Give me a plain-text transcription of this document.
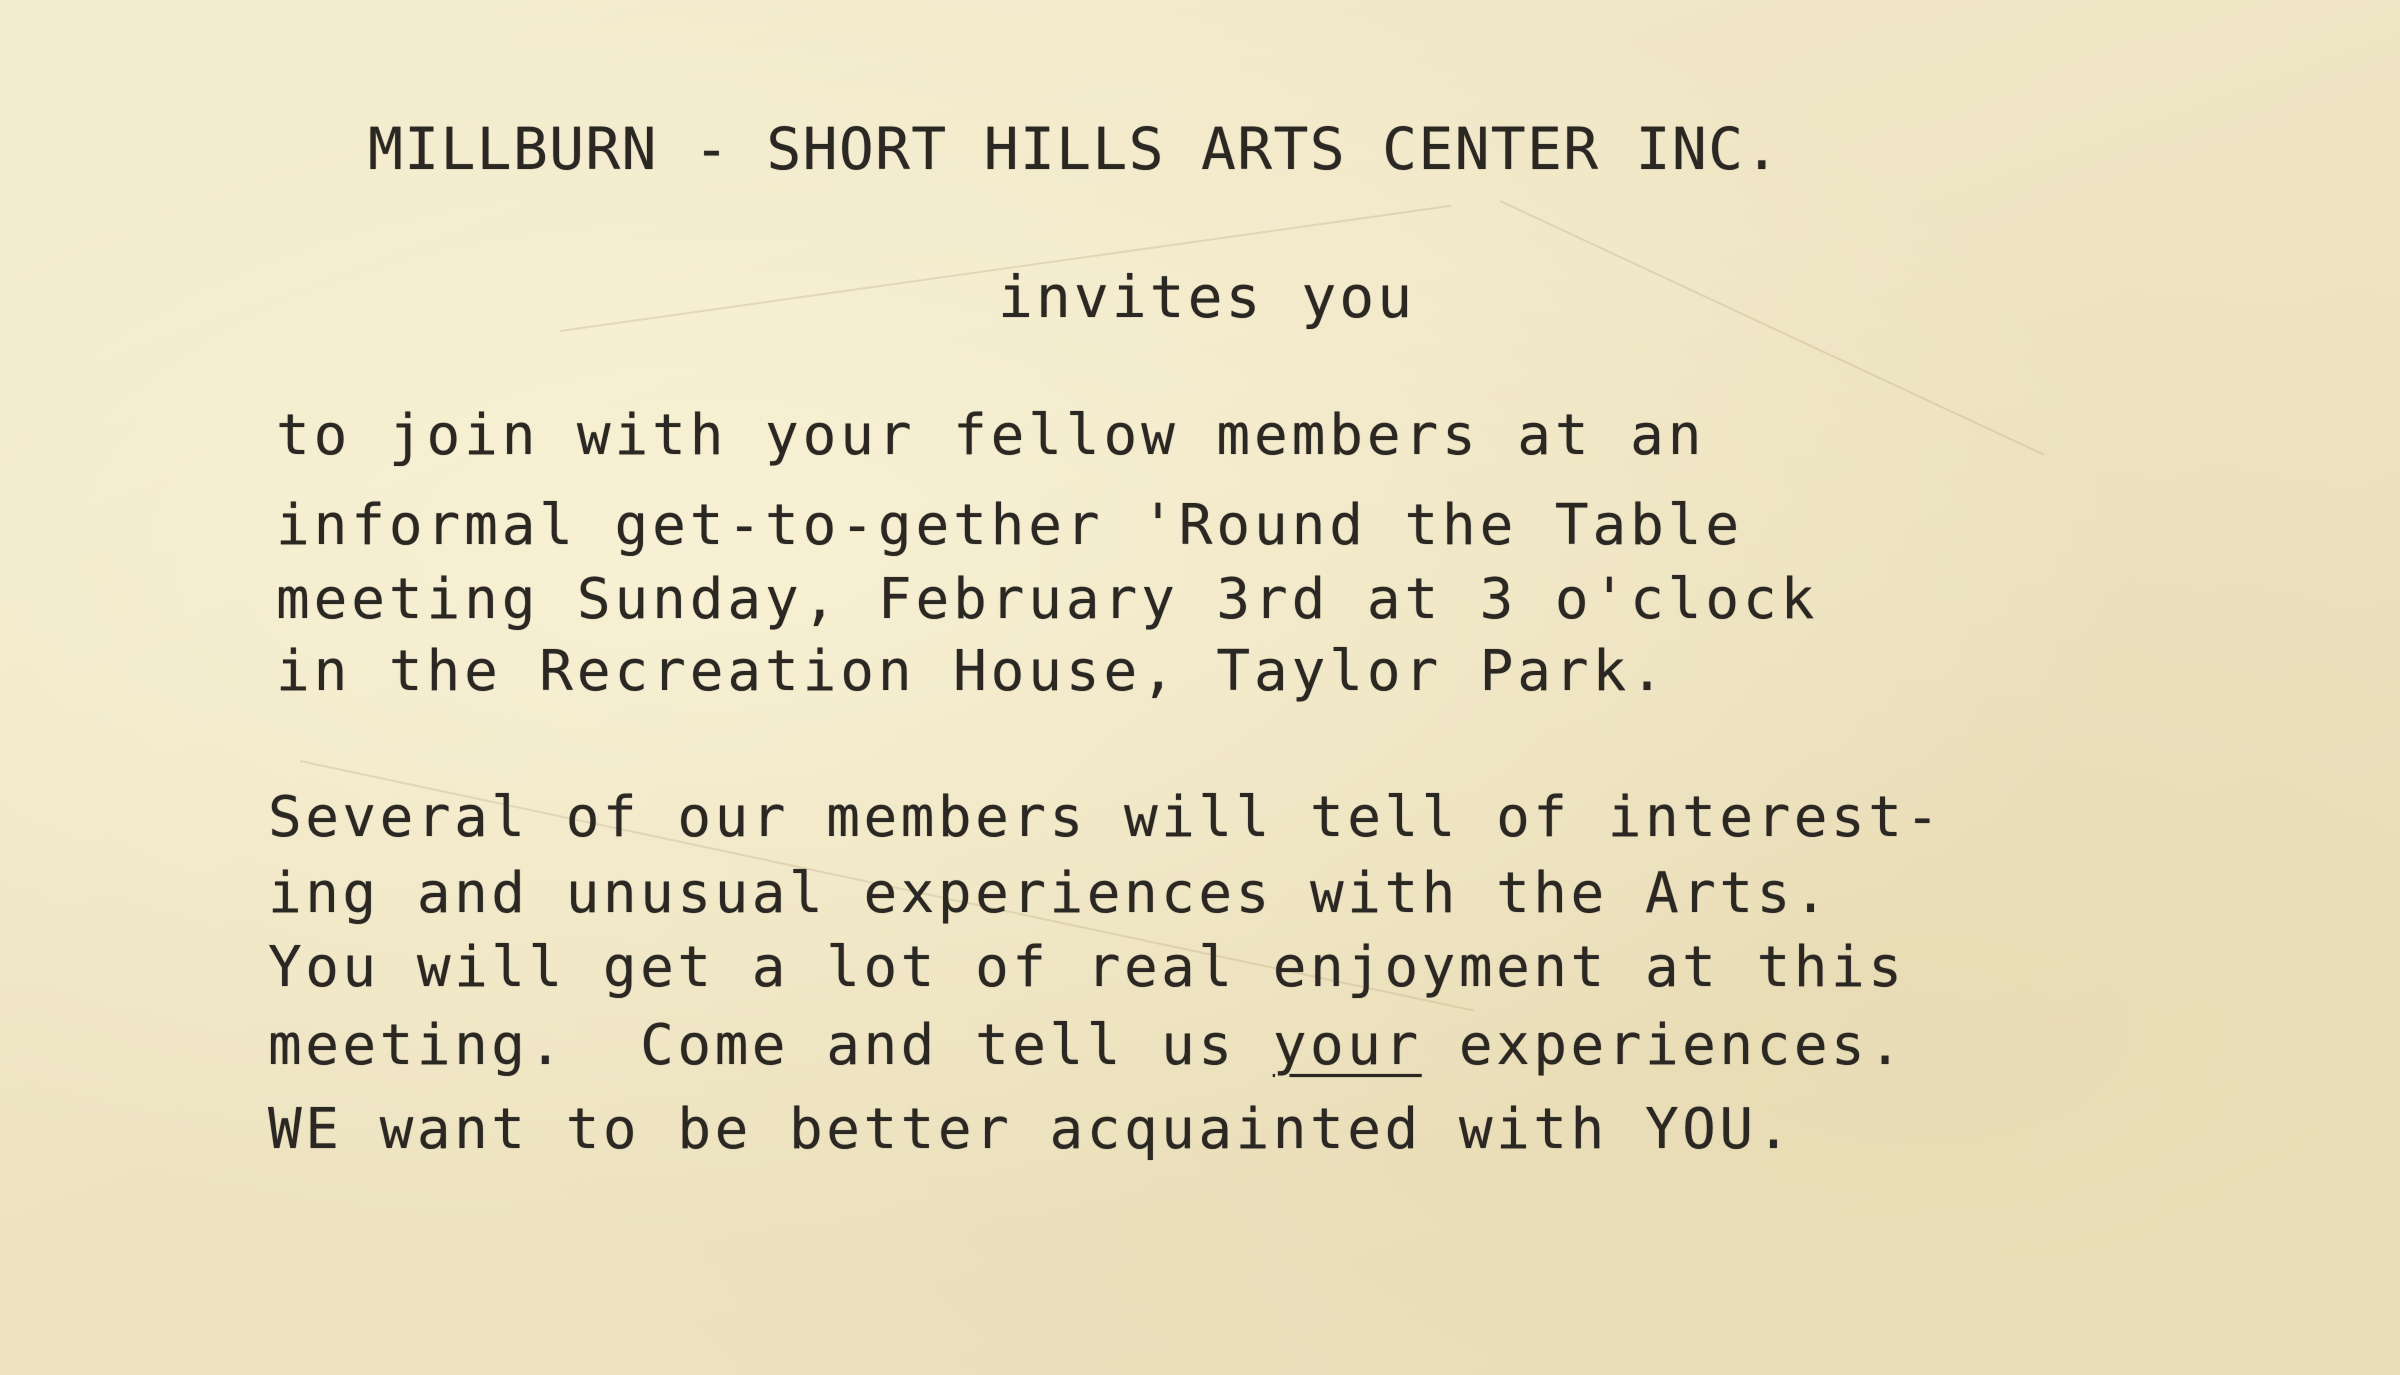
MILLBURN - SHORT HILLS ARTS CENTER INC.
invites you
to join with your fellow members at an
informal get-to-gether 'Round the Table
meeting Sunday, February 3rd at 3 o'clock
in the Recreation House, Taylor Park.
Several of our members will tell of interest-
ing and unusual experiences with the Arts.
You will get a lot of real enjoyment at this
meeting.  Come and tell us your experiences.
WE want to be better acquainted with YOU.
